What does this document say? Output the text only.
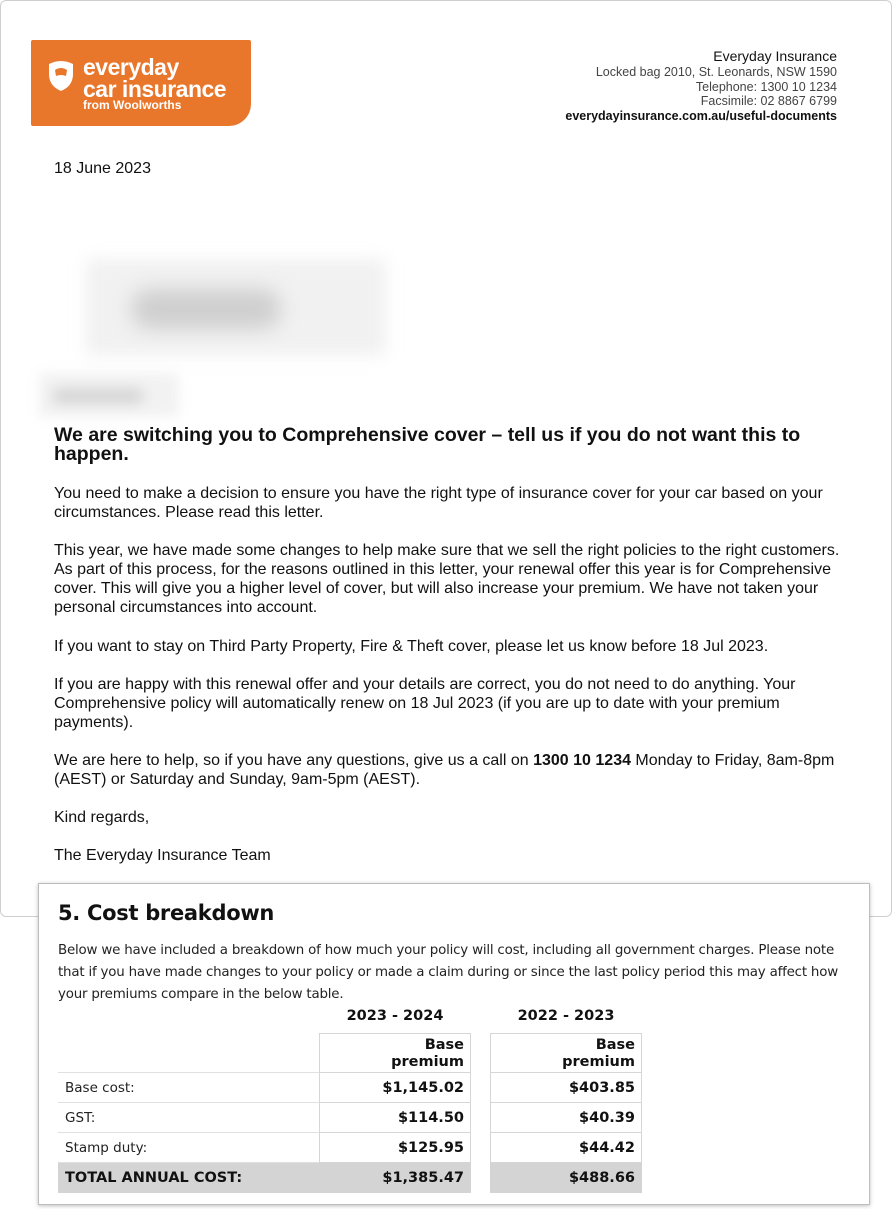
everyday
car insurance
from Woolworths
Everyday Insurance
Locked bag 2010, St. Leonards, NSW 1590
Telephone: 1300 10 1234
Facsimile: 02 8867 6799
everydayinsurance.com.au/useful-documents
18 June 2023
We are switching you to Comprehensive cover – tell us if you do not want this to happen.
You need to make a decision to ensure you have the right type of insurance cover for your car based on your circumstances. Please read this letter.
This year, we have made some changes to help make sure that we sell the right policies to the right customers. As part of this process, for the reasons outlined in this letter, your renewal offer this year is for Comprehensive cover. This will give you a higher level of cover, but will also increase your premium. We have not taken your personal circumstances into account.
If you want to stay on Third Party Property, Fire & Theft cover, please let us know before 18 Jul 2023.
If you are happy with this renewal offer and your details are correct, you do not need to do anything. Your Comprehensive policy will automatically renew on 18 Jul 2023 (if you are up to date with your premium payments).
We are here to help, so if you have any questions, give us a call on 1300 10 1234 Monday to Friday, 8am-8pm (AEST) or Saturday and Sunday, 9am-5pm (AEST).
Kind regards,
The Everyday Insurance Team
5. Cost breakdown
Below we have included a breakdown of how much your policy will cost, including all government charges. Please note that if you have made changes to your policy or made a claim during or since the last policy period this may affect how your premiums compare in the below table.
2023 - 2024	2022 - 2023
Base
premium
Base
premium
Base cost:	$1,145.02	$403.85
GST:	$114.50	$40.39
Stamp duty:	$125.95	$44.42
TOTAL ANNUAL COST:	$1,385.47	$488.66
